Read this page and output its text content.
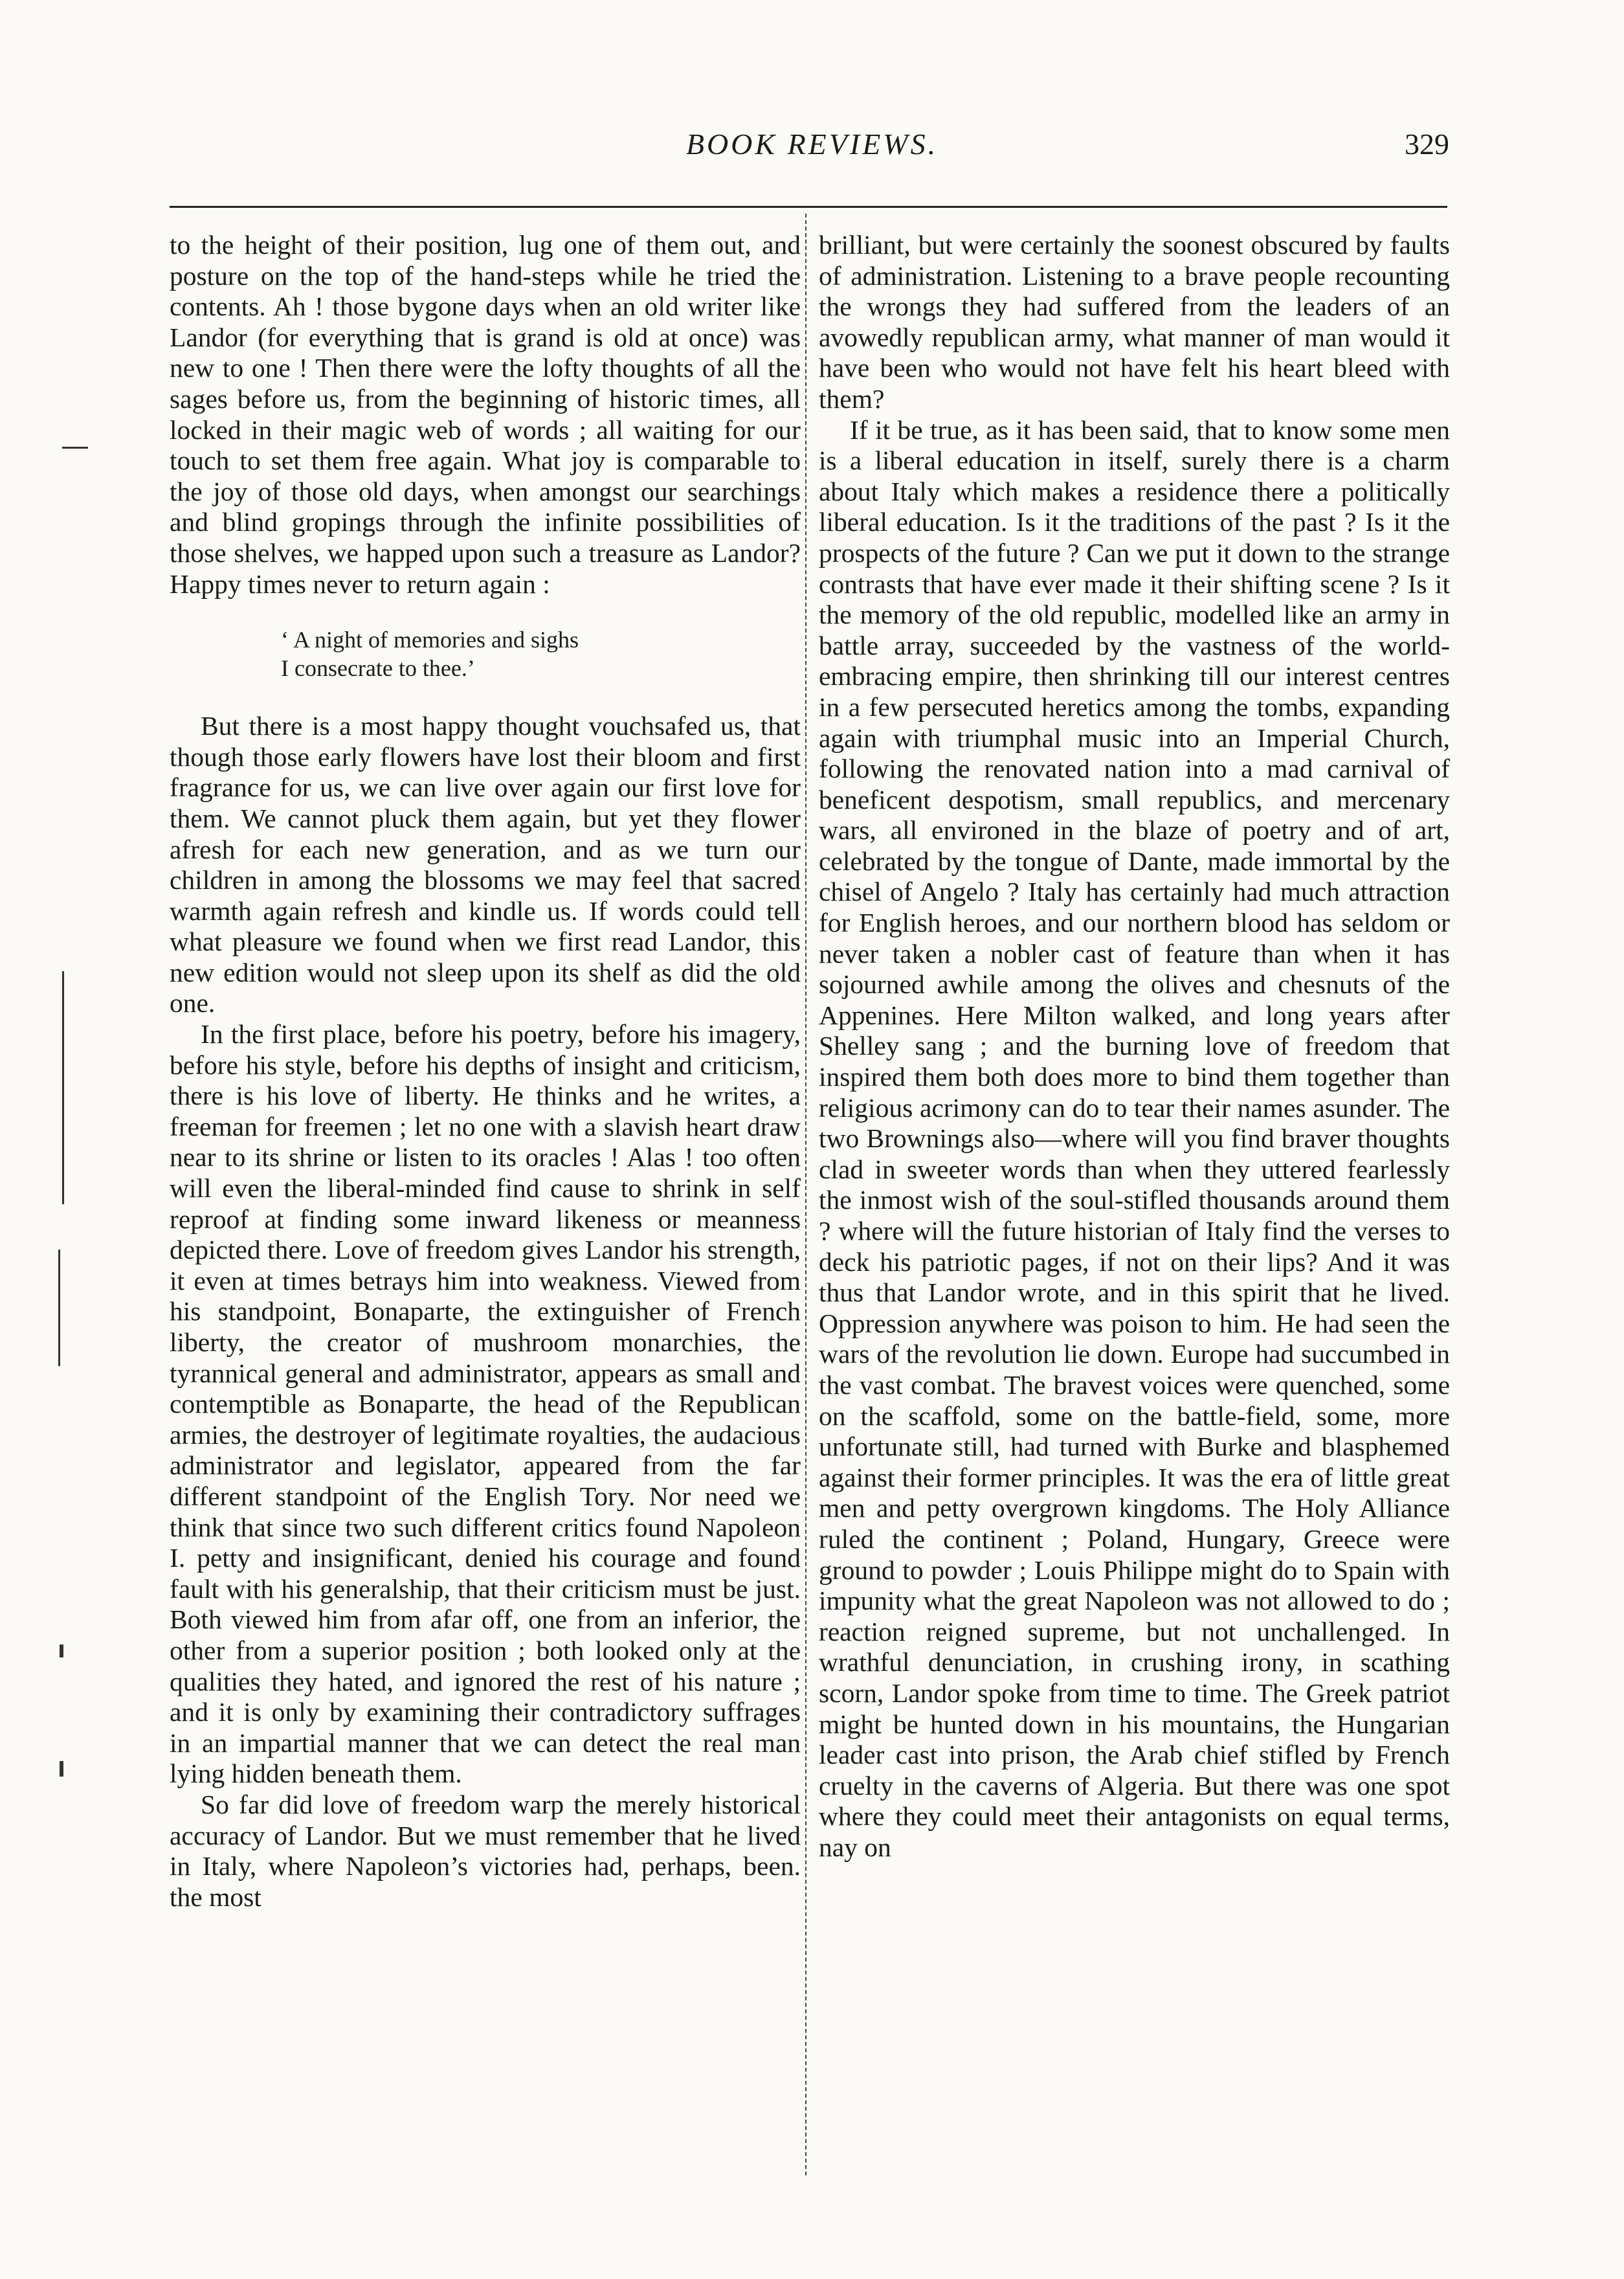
BOOK REVIEWS.	329

to the height of their position, lug one of them out, and posture on the top of the hand-steps while he tried the contents. Ah ! those bygone days when an old writer like Landor (for everything that is grand is old at once) was new to one ! Then there were the lofty thoughts of all the sages before us, from the beginning of historic times, all locked in their magic web of words ; all waiting for our touch to set them free again. What joy is comparable to the joy of those old days, when amongst our searchings and blind gropings through the infinite possibilities of those shelves, we happed upon such a treasure as Landor? Happy times never to return again :

‘ A night of memories and sighs
I consecrate to thee.’

But there is a most happy thought vouchsafed us, that though those early flowers have lost their bloom and first fragrance for us, we can live over again our first love for them. We cannot pluck them again, but yet they flower afresh for each new generation, and as we turn our children in among the blossoms we may feel that sacred warmth again refresh and kindle us. If words could tell what pleasure we found when we first read Landor, this new edition would not sleep upon its shelf as did the old one.

In the first place, before his poetry, before his imagery, before his style, before his depths of insight and criticism, there is his love of liberty. He thinks and he writes, a freeman for freemen ; let no one with a slavish heart draw near to its shrine or listen to its oracles ! Alas ! too often will even the liberal-minded find cause to shrink in self reproof at finding some inward likeness or meanness depicted there. Love of freedom gives Landor his strength, it even at times betrays him into weakness. Viewed from his standpoint, Bonaparte, the extinguisher of French liberty, the creator of mushroom monarchies, the tyrannical general and administrator, appears as small and contemptible as Bonaparte, the head of the Republican armies, the destroyer of legitimate royalties, the audacious administrator and legislator, appeared from the far different standpoint of the English Tory. Nor need we think that since two such different critics found Napoleon I. petty and insignificant, denied his courage and found fault with his generalship, that their criticism must be just. Both viewed him from afar off, one from an inferior, the other from a superior position ; both looked only at the qualities they hated, and ignored the rest of his nature ; and it is only by examining their contradictory suffrages in an impartial manner that we can detect the real man lying hidden beneath them.

So far did love of freedom warp the merely historical accuracy of Landor. But we must remember that he lived in Italy, where Napoleon’s victories had, perhaps, been. the most

brilliant, but were certainly the soonest obscured by faults of administration. Listening to a brave people recounting the wrongs they had suffered from the leaders of an avowedly republican army, what manner of man would it have been who would not have felt his heart bleed with them?

If it be true, as it has been said, that to know some men is a liberal education in itself, surely there is a charm about Italy which makes a residence there a politically liberal education. Is it the traditions of the past ? Is it the prospects of the future ? Can we put it down to the strange contrasts that have ever made it their shifting scene ? Is it the memory of the old republic, modelled like an army in battle array, succeeded by the vastness of the world-embracing empire, then shrinking till our interest centres in a few persecuted heretics among the tombs, expanding again with triumphal music into an Imperial Church, following the renovated nation into a mad carnival of beneficent despotism, small republics, and mercenary wars, all environed in the blaze of poetry and of art, celebrated by the tongue of Dante, made immortal by the chisel of Angelo ? Italy has certainly had much attraction for English heroes, and our northern blood has seldom or never taken a nobler cast of feature than when it has sojourned awhile among the olives and chesnuts of the Appenines. Here Milton walked, and long years after Shelley sang ; and the burning love of freedom that inspired them both does more to bind them together than religious acrimony can do to tear their names asunder. The two Brownings also—where will you find braver thoughts clad in sweeter words than when they uttered fearlessly the inmost wish of the soul-stifled thousands around them ? where will the future historian of Italy find the verses to deck his patriotic pages, if not on their lips? And it was thus that Landor wrote, and in this spirit that he lived. Oppression anywhere was poison to him. He had seen the wars of the revolution lie down. Europe had succumbed in the vast combat. The bravest voices were quenched, some on the scaffold, some on the battle-field, some, more unfortunate still, had turned with Burke and blasphemed against their former principles. It was the era of little great men and petty overgrown kingdoms. The Holy Alliance ruled the continent ; Poland, Hungary, Greece were ground to powder ; Louis Philippe might do to Spain with impunity what the great Napoleon was not allowed to do ; reaction reigned supreme, but not unchallenged. In wrathful denunciation, in crushing irony, in scathing scorn, Landor spoke from time to time. The Greek patriot might be hunted down in his mountains, the Hungarian leader cast into prison, the Arab chief stifled by French cruelty in the caverns of Algeria. But there was one spot where they could meet their antagonists on equal terms, nay on
